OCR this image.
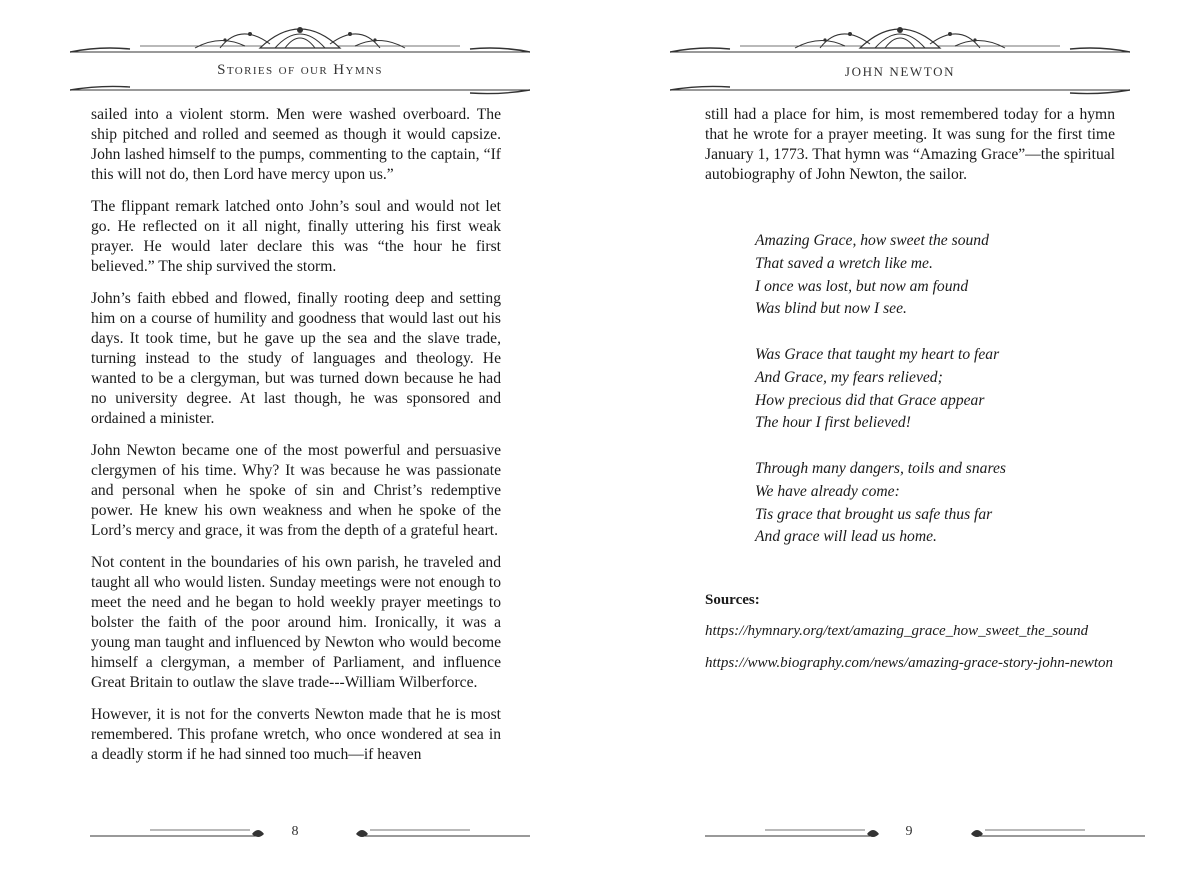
Stories of our Hymns

sailed into a violent storm. Men were washed overboard. The ship pitched and rolled and seemed as though it would capsize. John lashed himself to the pumps, commenting to the captain, “If this will not do, then Lord have mercy upon us.”

The flippant remark latched onto John’s soul and would not let go. He reflected on it all night, finally uttering his first weak prayer. He would later declare this was “the hour he first believed.” The ship survived the storm.

John’s faith ebbed and flowed, finally rooting deep and setting him on a course of humility and goodness that would last out his days. It took time, but he gave up the sea and the slave trade, turning instead to the study of languages and theology. He wanted to be a clergyman, but was turned down because he had no university degree. At last though, he was sponsored and ordained a minister.

John Newton became one of the most powerful and persuasive clergymen of his time. Why? It was because he was passionate and personal when he spoke of sin and Christ’s redemptive power. He knew his own weakness and when he spoke of the Lord’s mercy and grace, it was from the depth of a grateful heart.

Not content in the boundaries of his own parish, he traveled and taught all who would listen. Sunday meetings were not enough to meet the need and he began to hold weekly prayer meetings to bolster the faith of the poor around him. Ironically, it was a young man taught and influenced by Newton who would become himself a clergyman, a member of Parliament, and influence Great Britain to outlaw the slave trade---William Wilberforce.

However, it is not for the converts Newton made that he is most remembered. This profane wretch, who once wondered at sea in a deadly storm if he had sinned too much—if heaven

8
JOHN NEWTON

still had a place for him, is most remembered today for a hymn that he wrote for a prayer meeting. It was sung for the first time January 1, 1773. That hymn was “Amazing Grace”—the spiritual autobiography of John Newton, the sailor.

Amazing Grace, how sweet the sound
That saved a wretch like me.
I once was lost, but now am found
Was blind but now I see.
Was Grace that taught my heart to fear
And Grace, my fears relieved;
How precious did that Grace appear
The hour I first believed!
Through many dangers, toils and snares
We have already come:
Tis grace that brought us safe thus far
And grace will lead us home.
Sources:
https://hymnary.org/text/amazing_grace_how_sweet_the_sound
https://www.biography.com/news/amazing-grace-story-john-newton
9
